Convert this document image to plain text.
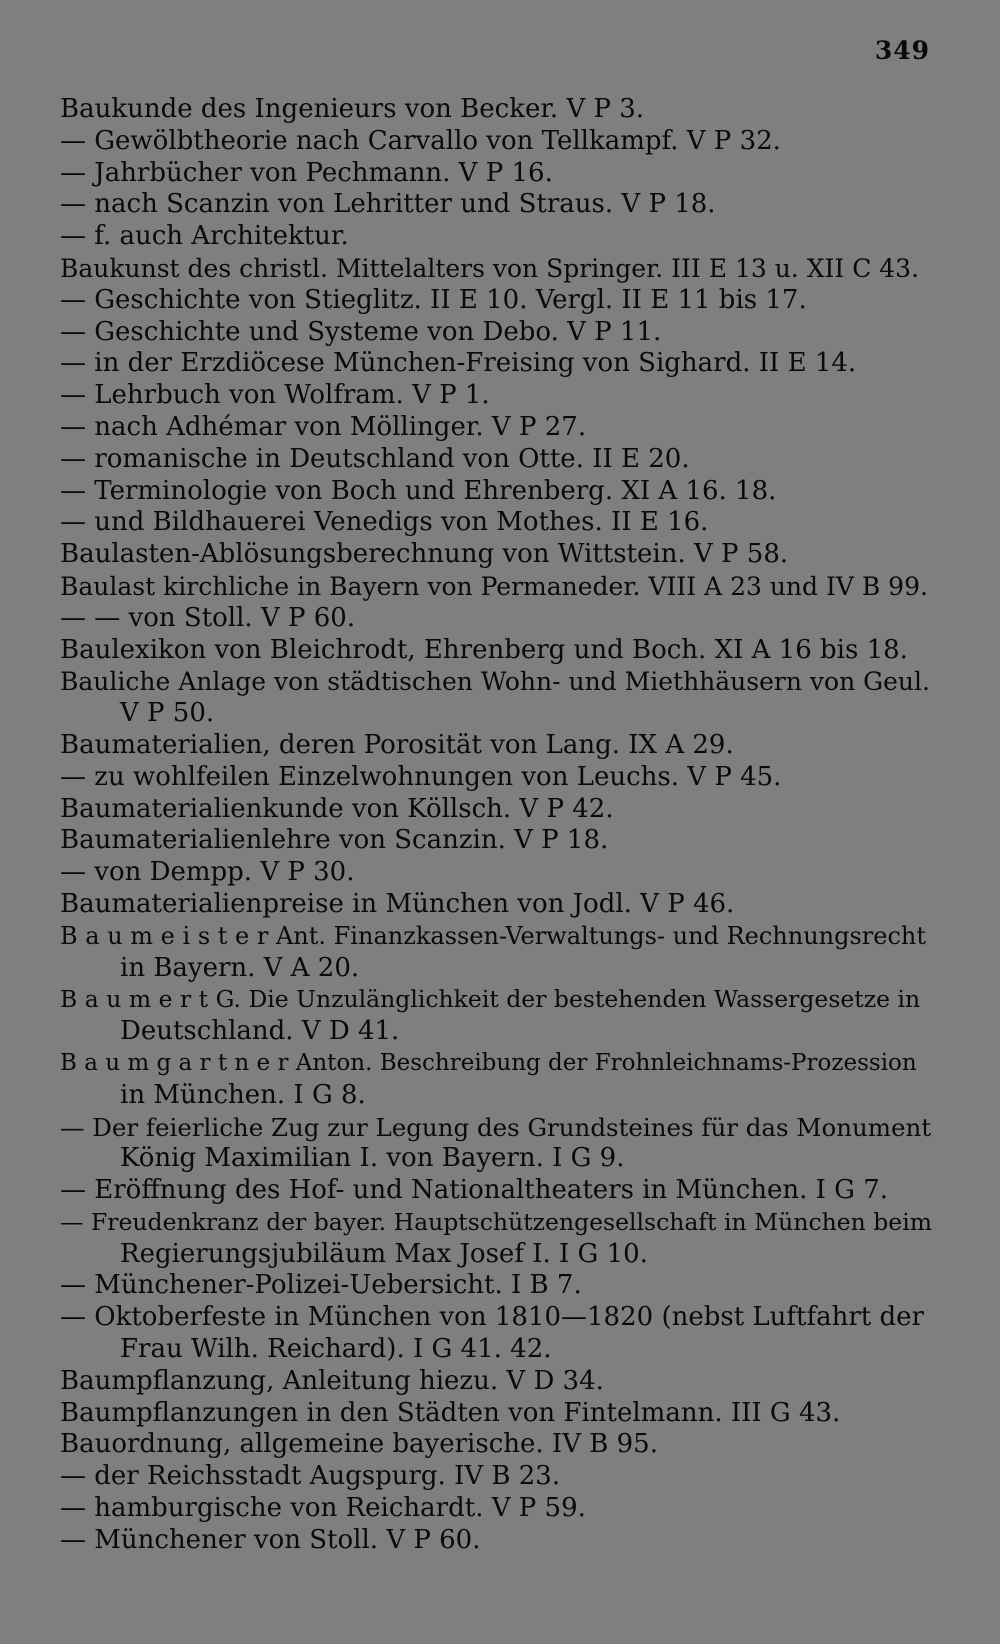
349
Baukunde des Ingenieurs von Becker. V P 3.
— Gewölbtheorie nach Carvallo von Tellkampf. V P 32.
— Jahrbücher von Pechmann. V P 16.
— nach Scanzin von Lehritter und Straus. V P 18.
— f. auch Architektur.
Baukunst des christl. Mittelalters von Springer. III E 13 u. XII C 43.
— Geschichte von Stieglitz. II E 10. Vergl. II E 11 bis 17.
— Geschichte und Systeme von Debo. V P 11.
— in der Erzdiöcese München-Freising von Sighard. II E 14.
— Lehrbuch von Wolfram. V P 1.
— nach Adhémar von Möllinger. V P 27.
— romanische in Deutschland von Otte. II E 20.
— Terminologie von Boch und Ehrenberg. XI A 16. 18.
— und Bildhauerei Venedigs von Mothes. II E 16.
Baulasten-Ablösungsberechnung von Wittstein. V P 58.
Baulast kirchliche in Bayern von Permaneder. VIII A 23 und IV B 99.
— — von Stoll. V P 60.
Baulexikon von Bleichrodt, Ehrenberg und Boch. XI A 16 bis 18.
Bauliche Anlage von städtischen Wohn- und Miethhäusern von Geul.
V P 50.
Baumaterialien, deren Porosität von Lang. IX A 29.
— zu wohlfeilen Einzelwohnungen von Leuchs. V P 45.
Baumaterialienkunde von Köllsch. V P 42.
Baumaterialienlehre von Scanzin. V P 18.
— von Dempp. V P 30.
Baumaterialienpreise in München von Jodl. V P 46.
B a u m e i s t e r Ant. Finanzkassen-Verwaltungs- und Rechnungsrecht
in Bayern. V A 20.
B a u m e r t G. Die Unzulänglichkeit der bestehenden Wassergesetze in
Deutschland. V D 41.
B a u m g a r t n e r Anton. Beschreibung der Frohnleichnams-Prozession
in München. I G 8.
— Der feierliche Zug zur Legung des Grundsteines für das Monument
König Maximilian I. von Bayern. I G 9.
— Eröffnung des Hof- und Nationaltheaters in München. I G 7.
— Freudenkranz der bayer. Hauptschützengesellschaft in München beim
Regierungsjubiläum Max Josef I. I G 10.
— Münchener-Polizei-Uebersicht. I B 7.
— Oktoberfeste in München von 1810—1820 (nebst Luftfahrt der
Frau Wilh. Reichard). I G 41. 42.
Baumpflanzung, Anleitung hiezu. V D 34.
Baumpflanzungen in den Städten von Fintelmann. III G 43.
Bauordnung, allgemeine bayerische. IV B 95.
— der Reichsstadt Augspurg. IV B 23.
— hamburgische von Reichardt. V P 59.
— Münchener von Stoll. V P 60.
